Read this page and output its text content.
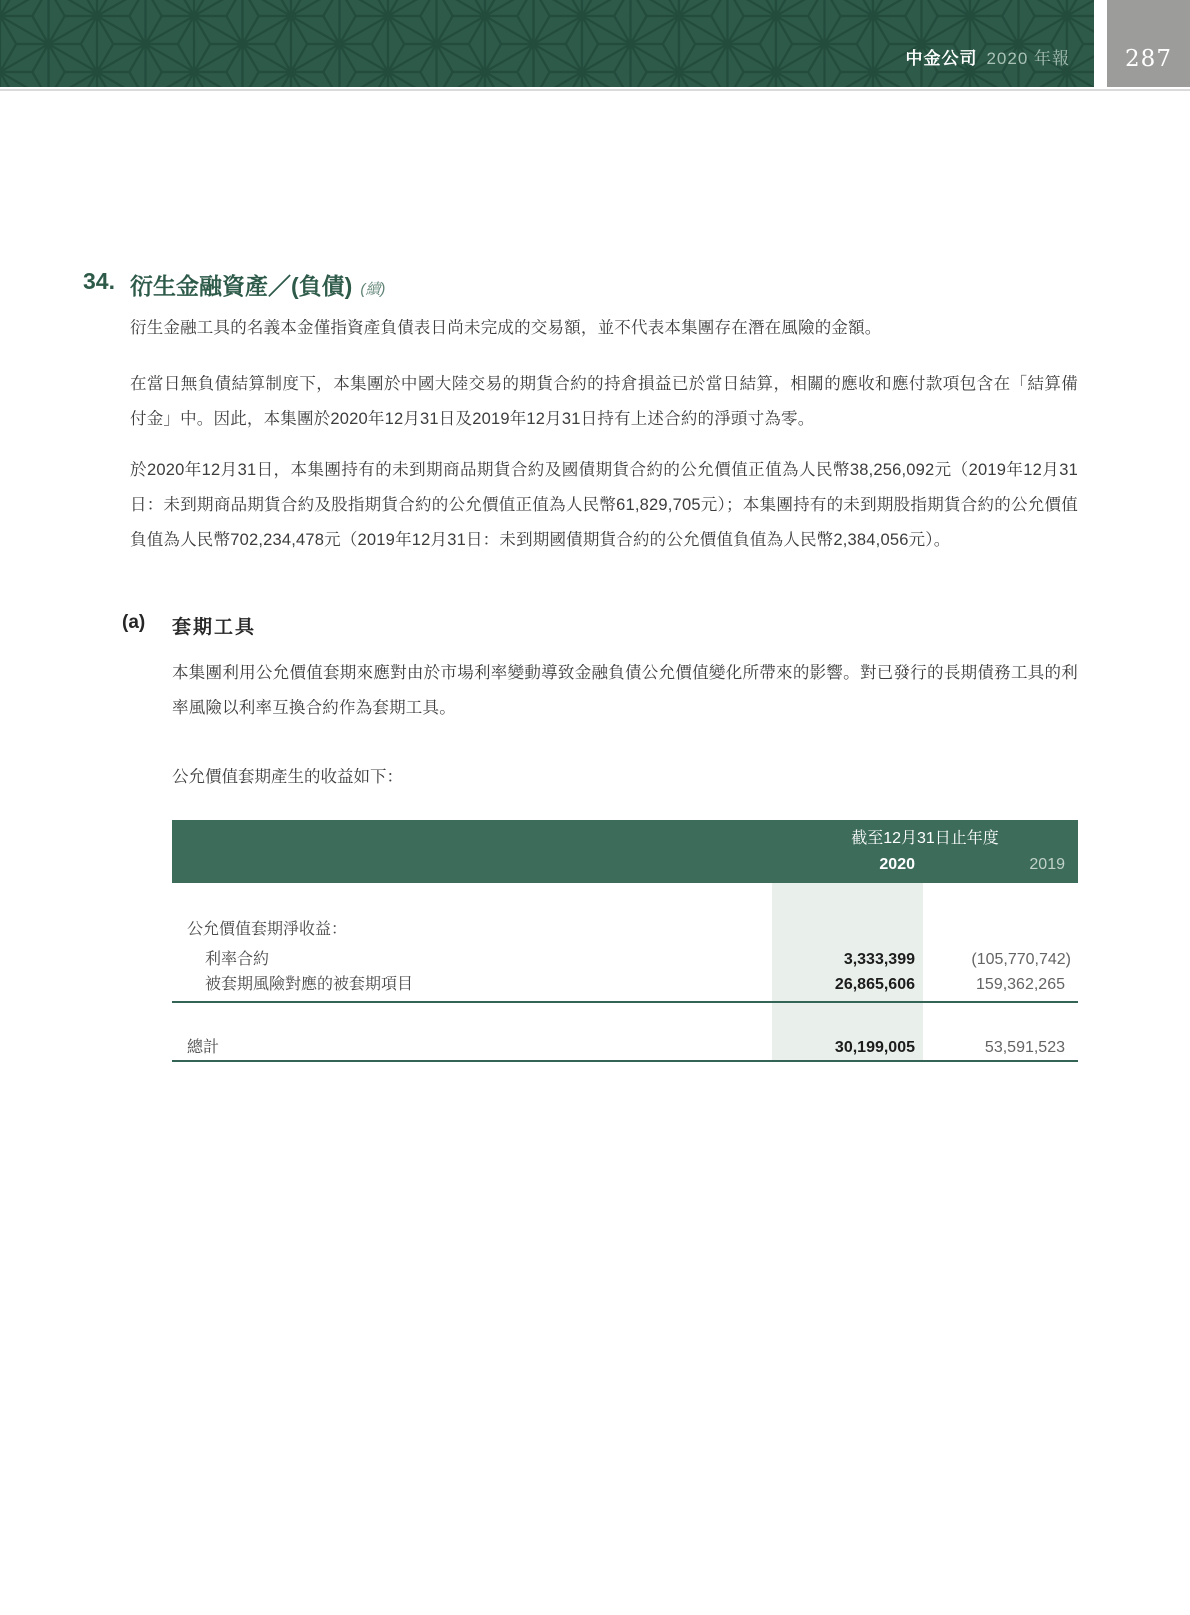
中金公司 2020 年報	287
34. 衍生金融資產／(負債) (續)

衍生金融工具的名義本金僅指資產負債表日尚未完成的交易額，並不代表本集團存在潛在風險的金額。

在當日無負債結算制度下，本集團於中國大陸交易的期貨合約的持倉損益已於當日結算，相關的應收和應付款項包含在「結算備付金」中。因此，本集團於2020年12月31日及2019年12月31日持有上述合約的淨頭寸為零。

於2020年12月31日，本集團持有的未到期商品期貨合約及國債期貨合約的公允價值正值為人民幣38,256,092元（2019年12月31日：未到期商品期貨合約及股指期貨合約的公允價值正值為人民幣61,829,705元）；本集團持有的未到期股指期貨合約的公允價值負值為人民幣702,234,478元（2019年12月31日：未到期國債期貨合約的公允價值負值為人民幣2,384,056元）。

(a) 套期工具

本集團利用公允價值套期來應對由於市場利率變動導致金融負債公允價值變化所帶來的影響。對已發行的長期債務工具的利率風險以利率互換合約作為套期工具。

公允價值套期產生的收益如下：

截至12月31日止年度
2020	2019
公允價值套期淨收益：
利率合約	3,333,399	(105,770,742)
被套期風險對應的被套期項目	26,865,606	159,362,265
總計	30,199,005	53,591,523
